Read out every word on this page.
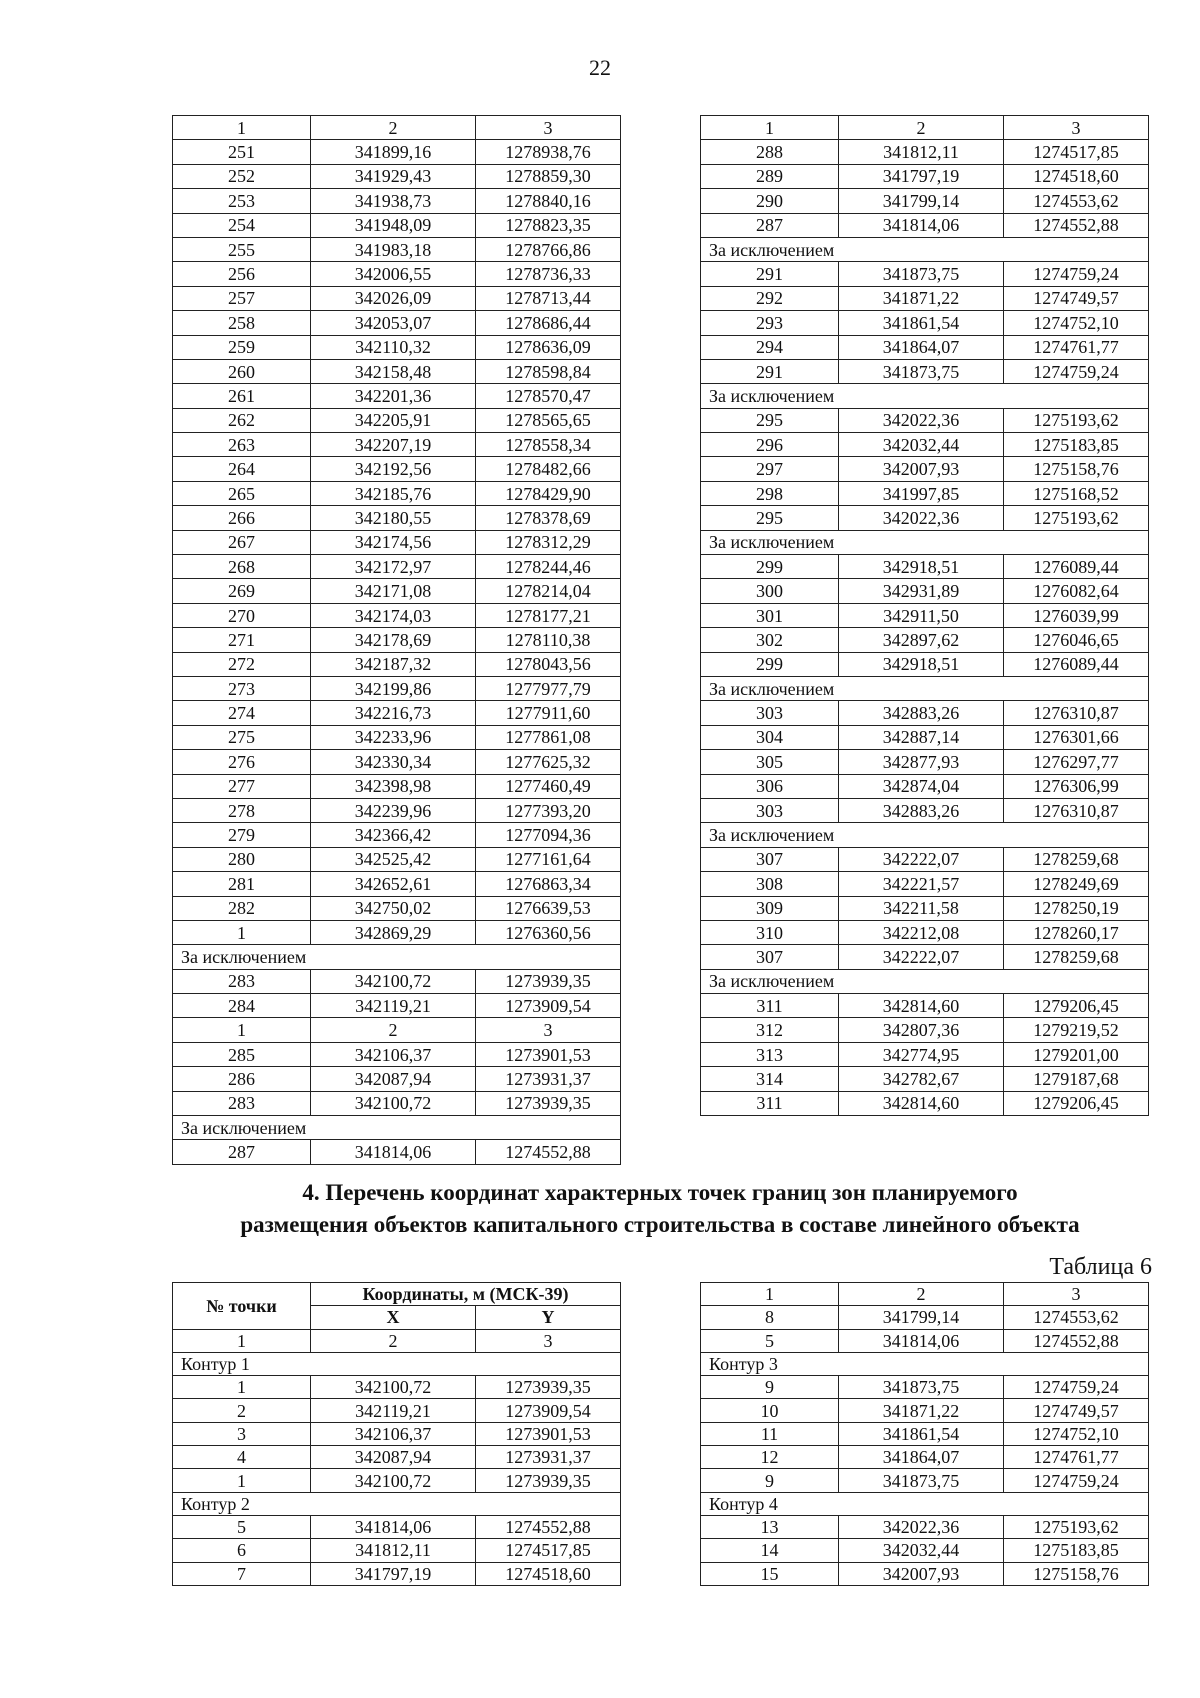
22
1	2	3
251	341899,16	1278938,76
252	341929,43	1278859,30
253	341938,73	1278840,16
254	341948,09	1278823,35
255	341983,18	1278766,86
256	342006,55	1278736,33
257	342026,09	1278713,44
258	342053,07	1278686,44
259	342110,32	1278636,09
260	342158,48	1278598,84
261	342201,36	1278570,47
262	342205,91	1278565,65
263	342207,19	1278558,34
264	342192,56	1278482,66
265	342185,76	1278429,90
266	342180,55	1278378,69
267	342174,56	1278312,29
268	342172,97	1278244,46
269	342171,08	1278214,04
270	342174,03	1278177,21
271	342178,69	1278110,38
272	342187,32	1278043,56
273	342199,86	1277977,79
274	342216,73	1277911,60
275	342233,96	1277861,08
276	342330,34	1277625,32
277	342398,98	1277460,49
278	342239,96	1277393,20
279	342366,42	1277094,36
280	342525,42	1277161,64
281	342652,61	1276863,34
282	342750,02	1276639,53
1	342869,29	1276360,56
За исключением		
283	342100,72	1273939,35
284	342119,21	1273909,54
1	2	3
285	342106,37	1273901,53
286	342087,94	1273931,37
283	342100,72	1273939,35
За исключением		
287	341814,06	1274552,88
1	2	3
288	341812,11	1274517,85
289	341797,19	1274518,60
290	341799,14	1274553,62
287	341814,06	1274552,88
За исключением		
291	341873,75	1274759,24
292	341871,22	1274749,57
293	341861,54	1274752,10
294	341864,07	1274761,77
291	341873,75	1274759,24
За исключением		
295	342022,36	1275193,62
296	342032,44	1275183,85
297	342007,93	1275158,76
298	341997,85	1275168,52
295	342022,36	1275193,62
За исключением		
299	342918,51	1276089,44
300	342931,89	1276082,64
301	342911,50	1276039,99
302	342897,62	1276046,65
299	342918,51	1276089,44
За исключением		
303	342883,26	1276310,87
304	342887,14	1276301,66
305	342877,93	1276297,77
306	342874,04	1276306,99
303	342883,26	1276310,87
За исключением		
307	342222,07	1278259,68
308	342221,57	1278249,69
309	342211,58	1278250,19
310	342212,08	1278260,17
307	342222,07	1278259,68
За исключением		
311	342814,60	1279206,45
312	342807,36	1279219,52
313	342774,95	1279201,00
314	342782,67	1279187,68
311	342814,60	1279206,45
4. Перечень координат характерных точек границ зон планируемого
размещения объектов капитального строительства в составе линейного объекта
Таблица 6
№ точки	Координаты, м (МСК-39)	
	X	Y
1	2	3
Контур 1		
1	342100,72	1273939,35
2	342119,21	1273909,54
3	342106,37	1273901,53
4	342087,94	1273931,37
1	342100,72	1273939,35
Контур 2		
5	341814,06	1274552,88
6	341812,11	1274517,85
7	341797,19	1274518,60
1	2	3
8	341799,14	1274553,62
5	341814,06	1274552,88
Контур 3		
9	341873,75	1274759,24
10	341871,22	1274749,57
11	341861,54	1274752,10
12	341864,07	1274761,77
9	341873,75	1274759,24
Контур 4		
13	342022,36	1275193,62
14	342032,44	1275183,85
15	342007,93	1275158,76
